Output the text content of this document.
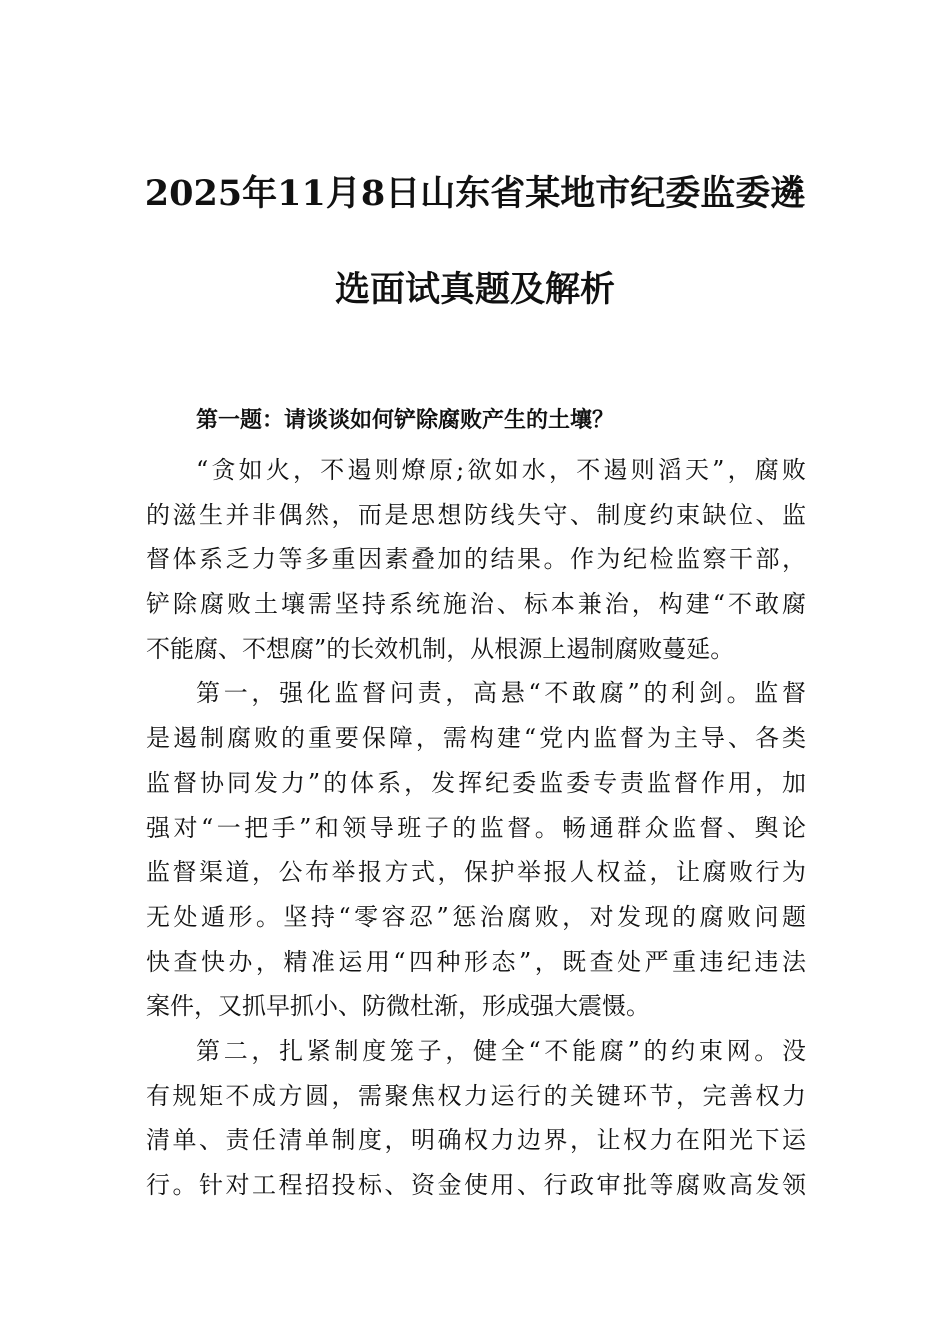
2025年11月8日山东省某地市纪委监委遴
选面试真题及解析

第一题：请谈谈如何铲除腐败产生的土壤？

“贪如火，不遏则燎原;欲如水，不遏则滔天”，腐败
的滋生并非偶然，而是思想防线失守、制度约束缺位、监
督体系乏力等多重因素叠加的结果。作为纪检监察干部，
铲除腐败土壤需坚持系统施治、标本兼治，构建“不敢腐
不能腐、不想腐”的长效机制，从根源上遏制腐败蔓延。
第一，强化监督问责，高悬“不敢腐”的利剑。监督
是遏制腐败的重要保障，需构建“党内监督为主导、各类
监督协同发力”的体系，发挥纪委监委专责监督作用，加
强对“一把手”和领导班子的监督。畅通群众监督、舆论
监督渠道，公布举报方式，保护举报人权益，让腐败行为
无处遁形。坚持“零容忍”惩治腐败，对发现的腐败问题
快查快办，精准运用“四种形态”，既查处严重违纪违法
案件，又抓早抓小、防微杜渐，形成强大震慑。
第二，扎紧制度笼子，健全“不能腐”的约束网。没
有规矩不成方圆，需聚焦权力运行的关键环节，完善权力
清单、责任清单制度，明确权力边界，让权力在阳光下运
行。针对工程招投标、资金使用、行政审批等腐败高发领
